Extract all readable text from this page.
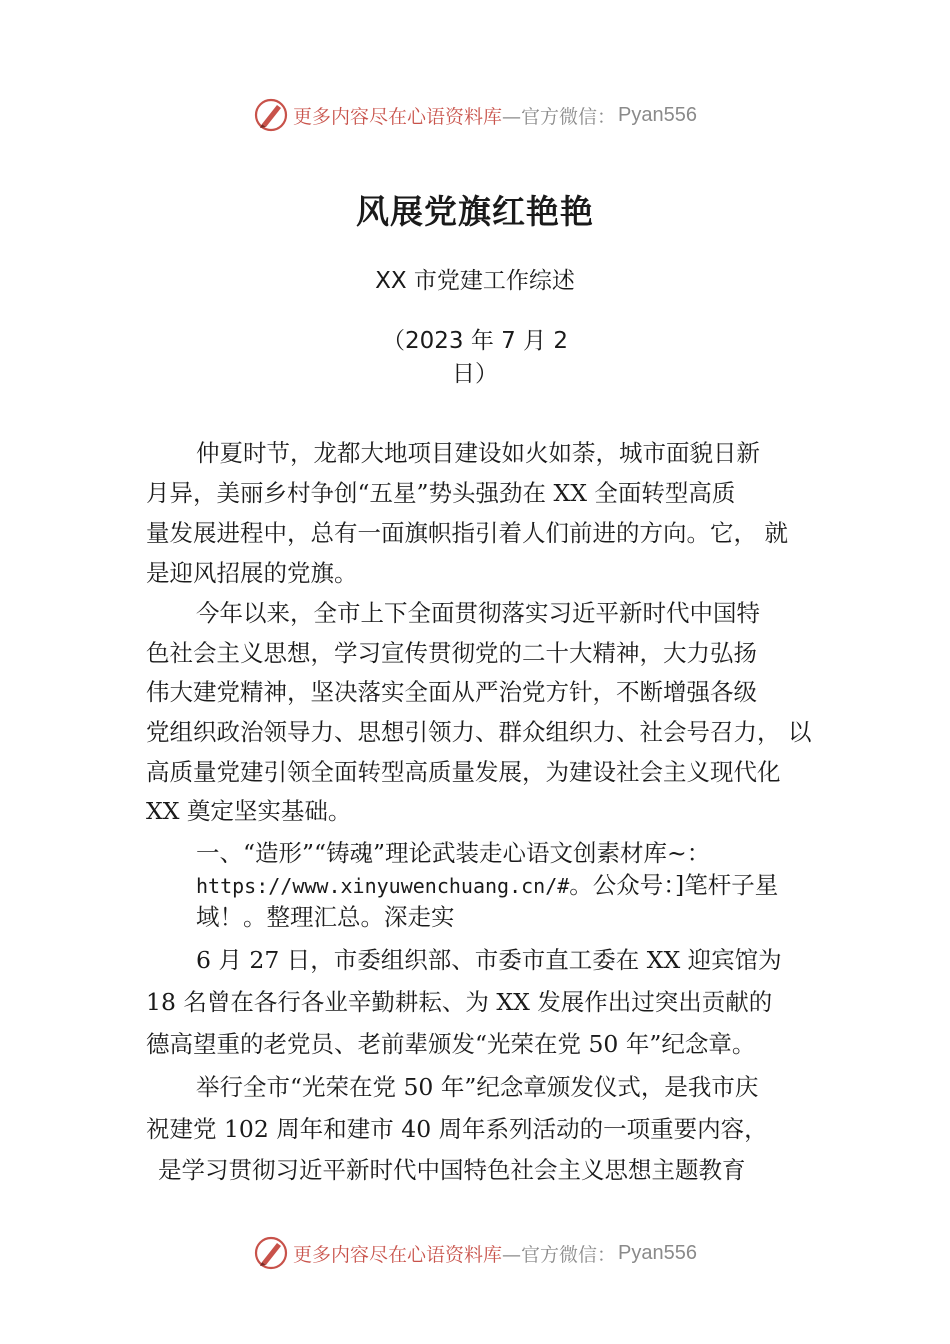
更多内容尽在心语资料库 —官方微信： Pyan556
风展党旗红艳艳
XX 市党建工作综述
（2023 年 7 月 2
日）
仲夏时节，龙都大地项目建设如火如荼，城市面貌日新
月异，美丽乡村争创“五星”势头强劲在 XX 全面转型高质
量发展进程中，总有一面旗帜指引着人们前进的方向。它， 就
是迎风招展的党旗。
今年以来，全市上下全面贯彻落实习近平新时代中国特
色社会主义思想，学习宣传贯彻党的二十大精神，大力弘扬
伟大建党精神，坚决落实全面从严治党方针，不断增强各级
党组织政治领导力、思想引领力、群众组织力、社会号召力， 以
高质量党建引领全面转型高质量发展，为建设社会主义现代化
XX 奠定坚实基础。
一、“造形”“铸魂”理论武装走心语文创素材库~：
https://www.xinyuwenchuang.cn/#。公众号：]笔杆子星
域！。整理汇总。深走实
6 月 27 日，市委组织部、市委市直工委在 XX 迎宾馆为
18 名曾在各行各业辛勤耕耘、为 XX 发展作出过突出贡献的
德高望重的老党员、老前辈颁发“光荣在党 50 年”纪念章。
举行全市“光荣在党 50 年”纪念章颁发仪式，是我市庆
祝建党 102 周年和建市 40 周年系列活动的一项重要内容，
是学习贯彻习近平新时代中国特色社会主义思想主题教育
更多内容尽在心语资料库 —官方微信： Pyan556
